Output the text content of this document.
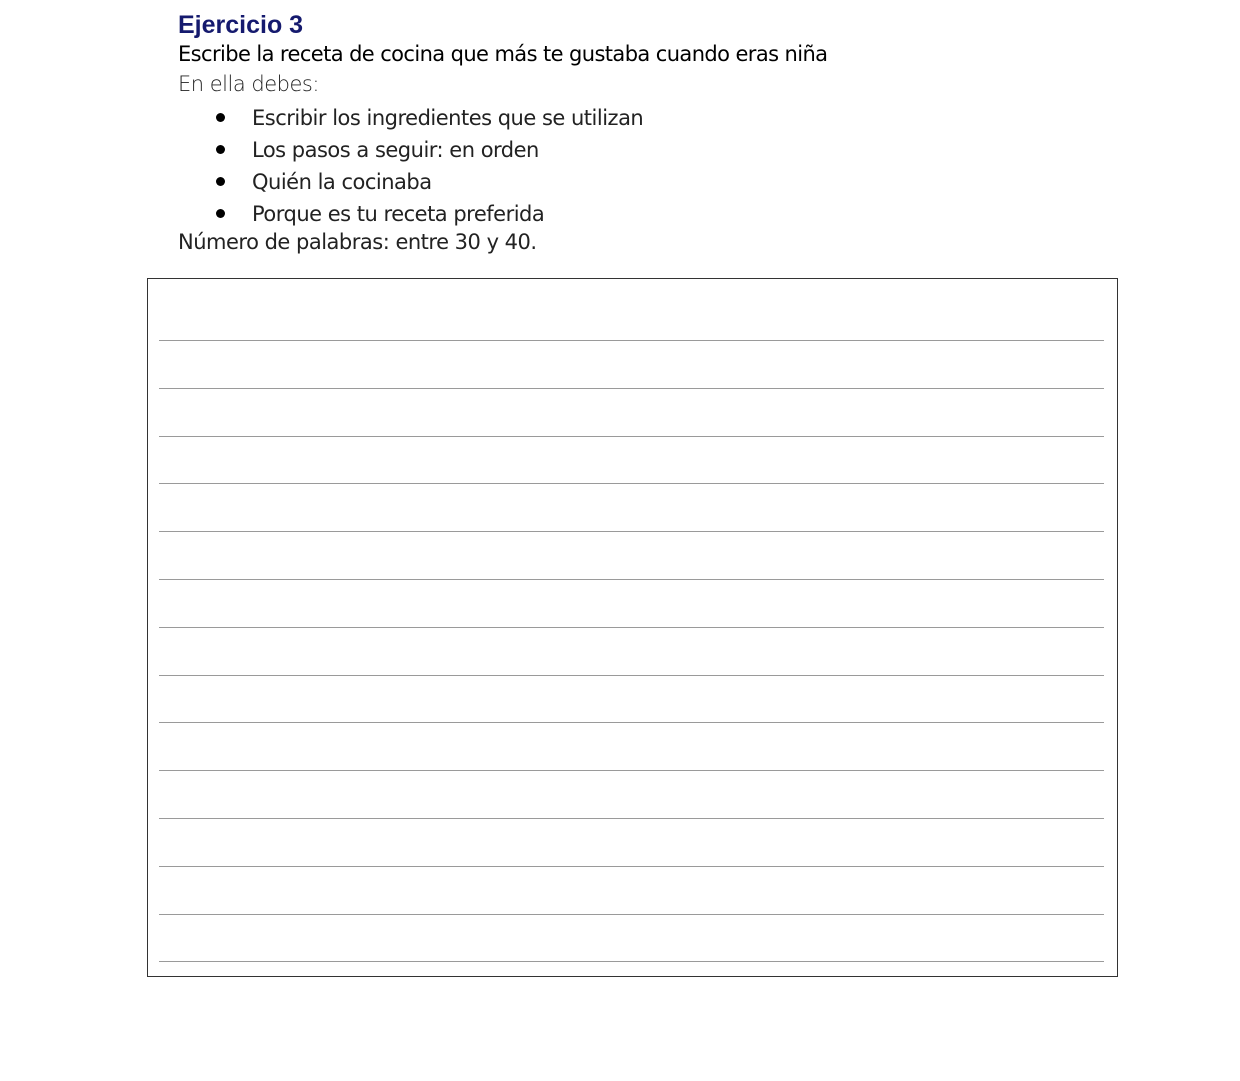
Ejercicio 3
Escribe la receta de cocina que más te gustaba cuando eras niña
En ella debes:
Escribir los ingredientes que se utilizan
Los pasos a seguir: en orden
Quién la cocinaba
Porque es tu receta preferida
Número de palabras: entre 30 y 40.
